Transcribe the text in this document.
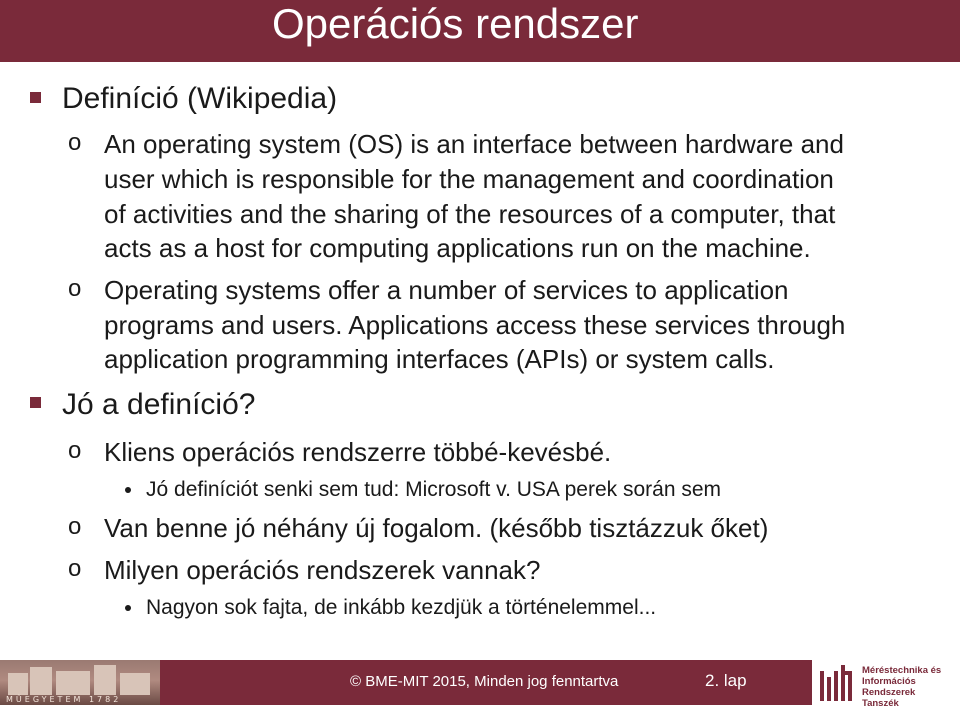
Operációs rendszer
Definíció (Wikipedia)
o An operating system (OS) is an interface between hardware and
user which is responsible for the management and coordination
of activities and the sharing of the resources of a computer, that
acts as a host for computing applications run on the machine.
o Operating systems offer a number of services to application
programs and users. Applications access these services through
application programming interfaces (APIs) or system calls.
Jó a definíció?
o Kliens operációs rendszerre többé-kevésbé.
Jó definíciót senki sem tud: Microsoft v. USA perek során sem
o Van benne jó néhány új fogalom. (később tisztázzuk őket)
o Milyen operációs rendszerek vannak?
Nagyon sok fajta, de inkább kezdjük a történelemmel...
MŰEGYETEM 1782
© BME-MIT 2015, Minden jog fenntartva	2. lap
Méréstechnika és
Információs Rendszerek
Tanszék
